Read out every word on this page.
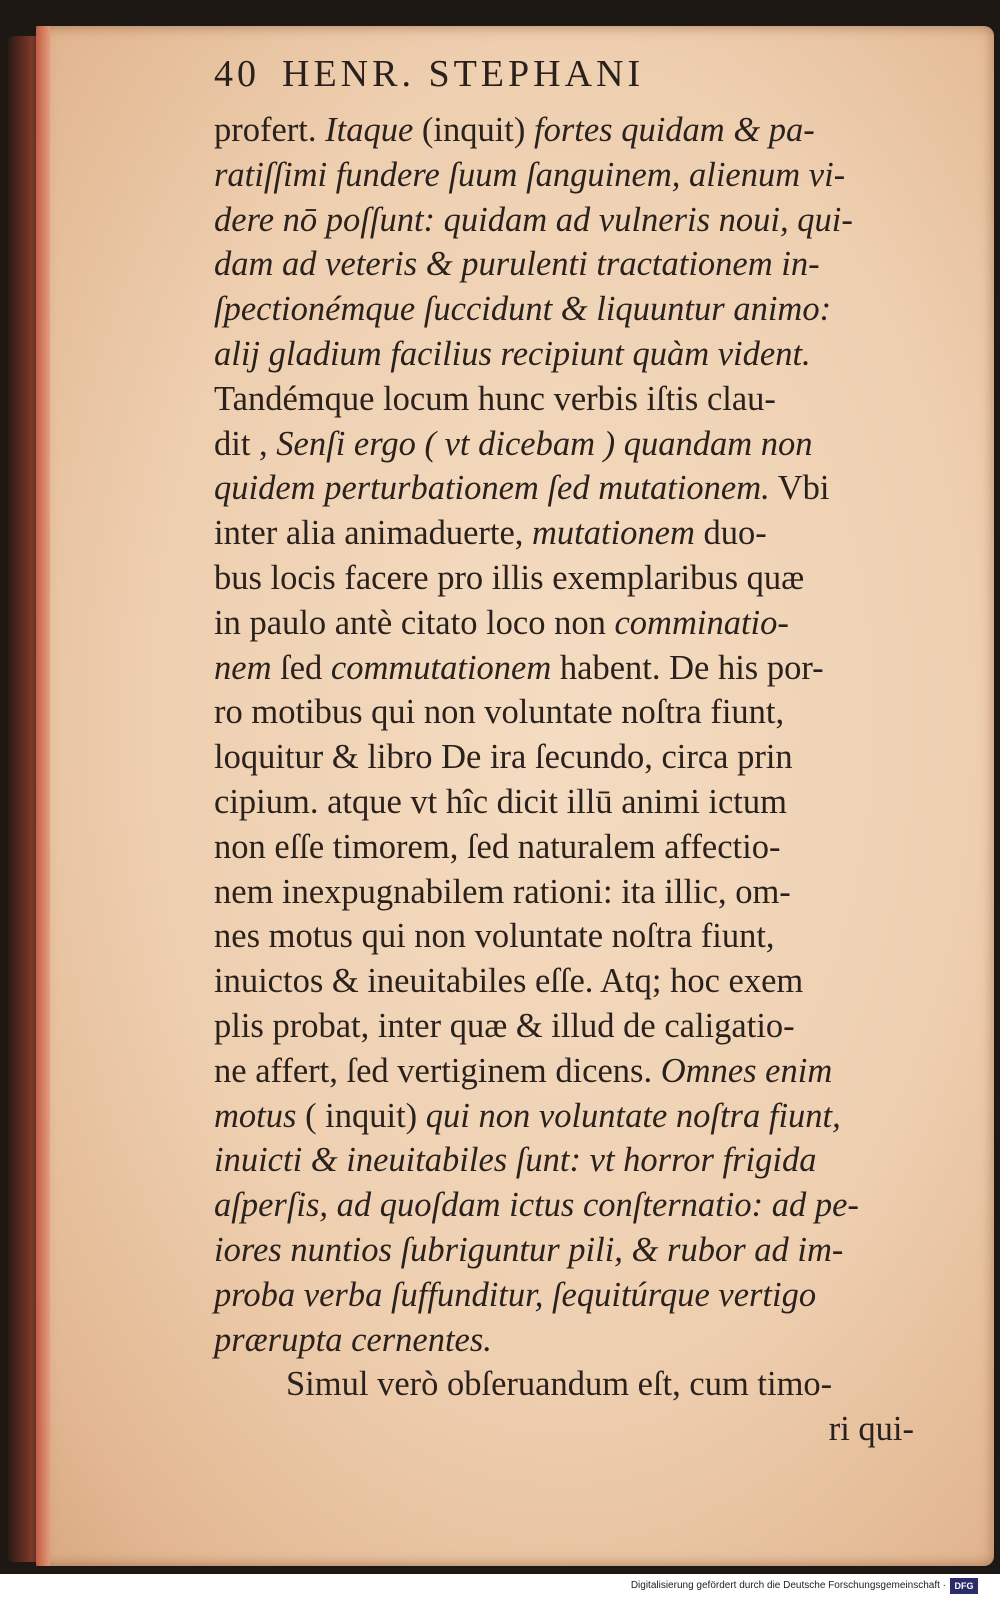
40 HENR. STEPHANI
profert. Itaque (inquit) fortes quidam & pa-
ratiſſimi fundere ſuum ſanguinem, alienum vi-
dere nō poſſunt: quidam ad vulneris noui, qui-
dam ad veteris & purulenti tractationem in-
ſpectionémque ſuccidunt & liquuntur animo:
alij gladium facilius recipiunt quàm vident.
Tandémque locum hunc verbis iſtis clau-
dit , Senſi ergo ( vt dicebam ) quandam non
quidem perturbationem ſed mutationem. Vbi
inter alia animaduerte, mutationem duo-
bus locis facere pro illis exemplaribus quæ
in paulo antè citato loco non comminatio-
nem ſed commutationem habent. De his por-
ro motibus qui non voluntate noſtra fiunt,
loquitur & libro De ira ſecundo, circa prin
cipium. atque vt hîc dicit illū animi ictum
non eſſe timorem, ſed naturalem affectio-
nem inexpugnabilem rationi: ita illic, om-
nes motus qui non voluntate noſtra fiunt,
inuictos & ineuitabiles eſſe. Atq; hoc exem
plis probat, inter quæ & illud de caligatio-
ne affert, ſed vertiginem dicens. Omnes enim
motus ( inquit) qui non voluntate noſtra fiunt,
inuicti & ineuitabiles ſunt: vt horror frigida
aſperſis, ad quoſdam ictus conſternatio: ad pe-
iores nuntios ſubriguntur pili, & rubor ad im-
proba verba ſuffunditur, ſequitúrque vertigo
prærupta cernentes.
Simul verò obſeruandum eſt, cum timo-
ri qui-
Digitalisierung gefördert durch die Deutsche Forschungsgemeinschaft · DFG
